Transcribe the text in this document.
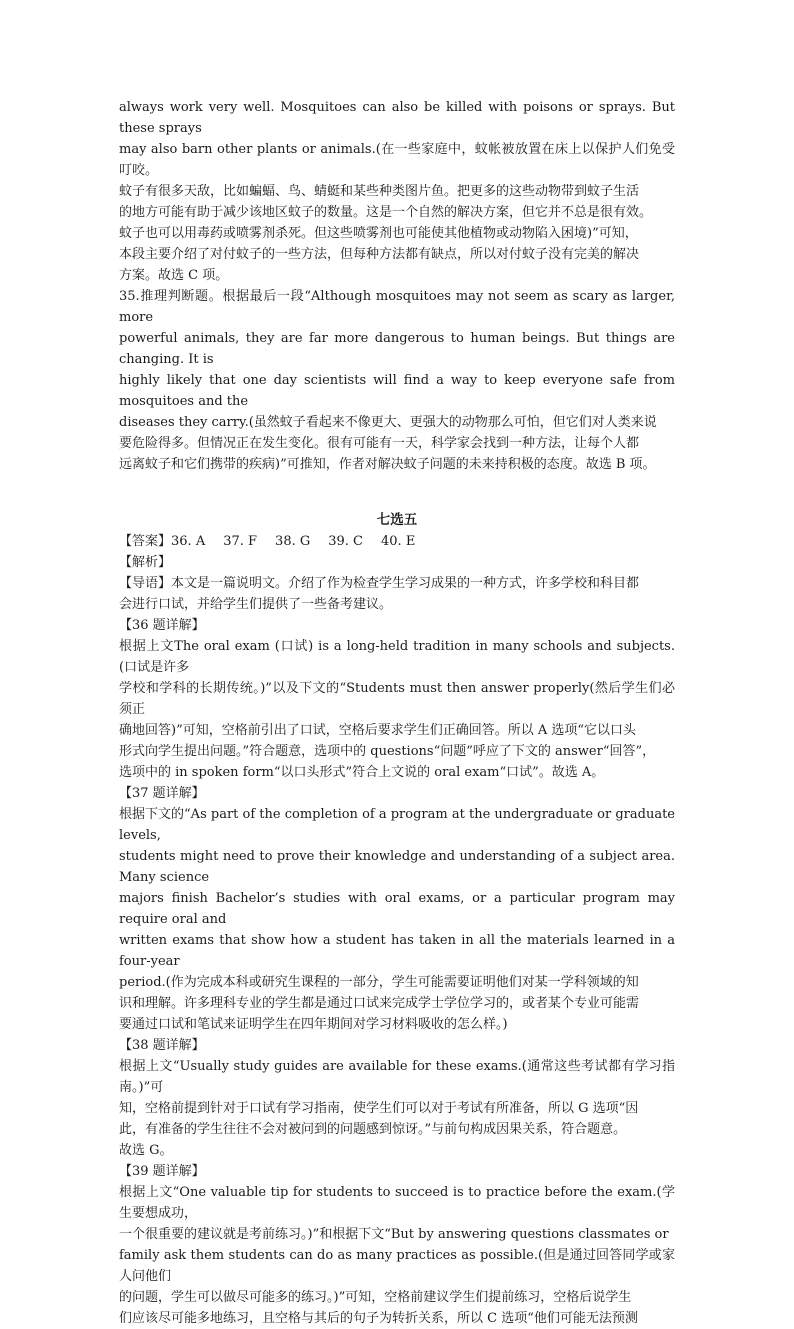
always work very well. Mosquitoes can also be killed with poisons or sprays. But these sprays

may also barn other plants or animals.(在一些家庭中，蚊帐被放置在床上以保护人们免受叮咬。

蚊子有很多天敌，比如蝙蝠、鸟、蜻蜓和某些种类图片鱼。把更多的这些动物带到蚊子生活

的地方可能有助于减少该地区蚊子的数量。这是一个自然的解决方案，但它并不总是很有效。

蚊子也可以用毒药或喷雾剂杀死。但这些喷雾剂也可能使其他植物或动物陷入困境)”可知，

本段主要介绍了对付蚊子的一些方法，但每种方法都有缺点，所以对付蚊子没有完美的解决

方案。故选 C 项。

35.推理判断题。根据最后一段“Although mosquitoes may not seem as scary as larger, more

powerful animals, they are far more dangerous to human beings. But things are changing. It is

highly likely that one day scientists will find a way to keep everyone safe from mosquitoes and the

diseases they carry.(虽然蚊子看起来不像更大、更强大的动物那么可怕，但它们对人类来说

要危险得多。但情况正在发生变化。很有可能有一天，科学家会找到一种方法，让每个人都

远离蚊子和它们携带的疾病)”可推知，作者对解决蚊子问题的未来持积极的态度。故选 B 项。

七选五

【答案】36. A 37. F 38. G 39. C 40. E

【解析】

【导语】本文是一篇说明文。介绍了作为检查学生学习成果的一种方式，许多学校和科目都

会进行口试，并给学生们提供了一些备考建议。

【36 题详解】

根据上文The oral exam (口试) is a long-held tradition in many schools and subjects.(口试是许多

学校和学科的长期传统。)”以及下文的“Students must then answer properly(然后学生们必须正

确地回答)”可知，空格前引出了口试，空格后要求学生们正确回答。所以 A 选项“它以口头

形式向学生提出问题。”符合题意，选项中的 questions“问题”呼应了下文的 answer“回答”，

选项中的 in spoken form“以口头形式”符合上文说的 oral exam“口试”。故选 A。

【37 题详解】

根据下文的“As part of the completion of a program at the undergraduate or graduate levels,

students might need to prove their knowledge and understanding of a subject area. Many science

majors finish Bachelor’s studies with oral exams, or a particular program may require oral and

written exams that show how a student has taken in all the materials learned in a four-year

period.(作为完成本科或研究生课程的一部分，学生可能需要证明他们对某一学科领域的知

识和理解。许多理科专业的学生都是通过口试来完成学士学位学习的，或者某个专业可能需

要通过口试和笔试来证明学生在四年期间对学习材料吸收的怎么样。)

【38 题详解】

根据上文“Usually study guides are available for these exams.(通常这些考试都有学习指南。)”可

知，空格前提到针对于口试有学习指南，使学生们可以对于考试有所准备，所以 G 选项“因

此，有准备的学生往往不会对被问到的问题感到惊讶。”与前句构成因果关系，符合题意。

故选 G。

【39 题详解】

根据上文“One valuable tip for students to succeed is to practice before the exam.(学生要想成功，

一个很重要的建议就是考前练习。)”和根据下文“But by answering questions classmates or

family ask them students can do as many practices as possible.(但是通过回答同学或家人问他们

的问题，学生可以做尽可能多的练习。)”可知，空格前建议学生们提前练习，空格后说学生

们应该尽可能多地练习，且空格与其后的句子为转折关系，所以 C 选项“他们可能无法预测
